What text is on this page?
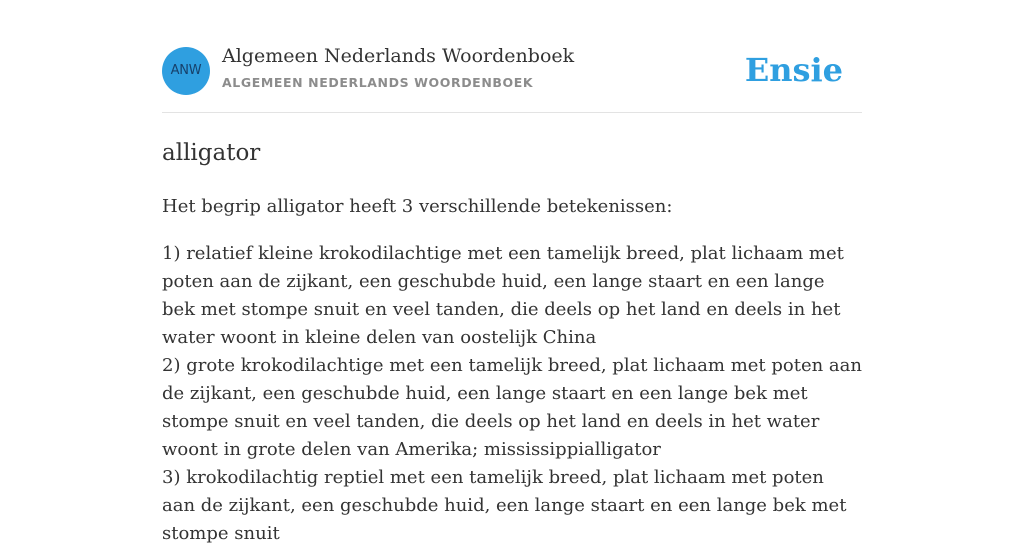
ANW
Algemeen Nederlands Woordenboek
ALGEMEEN NEDERLANDS WOORDENBOEK	Ensie
alligator

Het begrip alligator heeft 3 verschillende betekenissen:

1) relatief kleine krokodilachtige met een tamelijk breed, plat lichaam met poten aan de zijkant, een geschubde huid, een lange staart en een lange bek met stompe snuit en veel tanden, die deels op het land en deels in het water woont in kleine delen van oostelijk China
2) grote krokodilachtige met een tamelijk breed, plat lichaam met poten aan de zijkant, een geschubde huid, een lange staart en een lange bek met stompe snuit en veel tanden, die deels op het land en deels in het water woont in grote delen van Amerika; mississippialligator
3) krokodilachtig reptiel met een tamelijk breed, plat lichaam met poten aan de zijkant, een geschubde huid, een lange staart en een lange bek met stompe snuit
